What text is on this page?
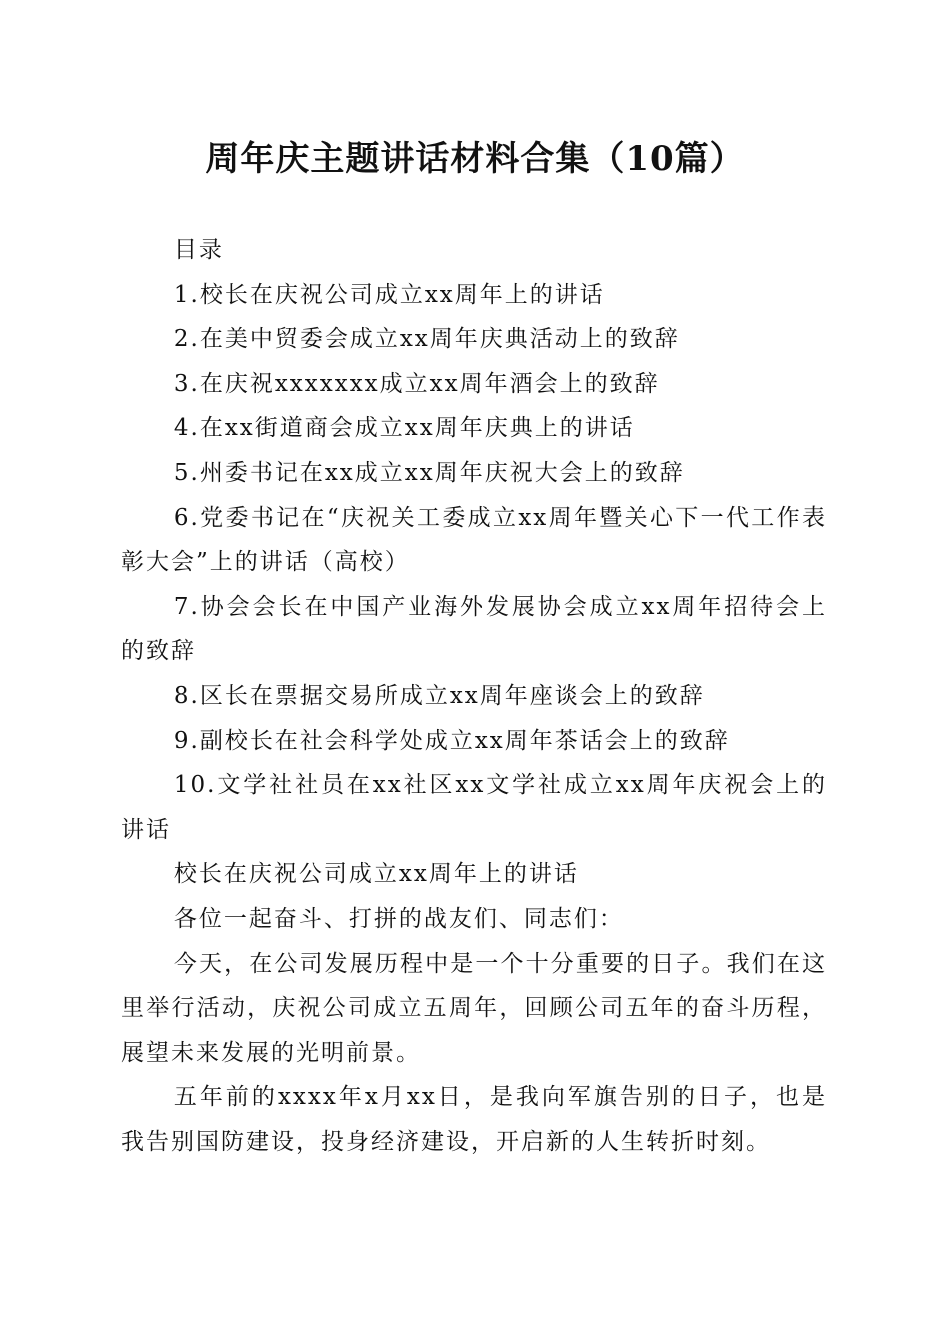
周年庆主题讲话材料合集（10篇）

目录

1.校长在庆祝公司成立xx周年上的讲话

2.在美中贸委会成立xx周年庆典活动上的致辞

3.在庆祝xxxxxxx成立xx周年酒会上的致辞

4.在xx街道商会成立xx周年庆典上的讲话

5.州委书记在xx成立xx周年庆祝大会上的致辞

6.党委书记在“庆祝关工委成立xx周年暨关心下一代工作表彰大会”上的讲话（高校）

7.协会会长在中国产业海外发展协会成立xx周年招待会上的致辞

8.区长在票据交易所成立xx周年座谈会上的致辞

9.副校长在社会科学处成立xx周年茶话会上的致辞

10.文学社社员在xx社区xx文学社成立xx周年庆祝会上的讲话

校长在庆祝公司成立xx周年上的讲话

各位一起奋斗、打拼的战友们、同志们：

今天，在公司发展历程中是一个十分重要的日子。我们在这里举行活动，庆祝公司成立五周年，回顾公司五年的奋斗历程，展望未来发展的光明前景。

五年前的xxxx年x月xx日，是我向军旗告别的日子，也是我告别国防建设，投身经济建设，开启新的人生转折时刻。
